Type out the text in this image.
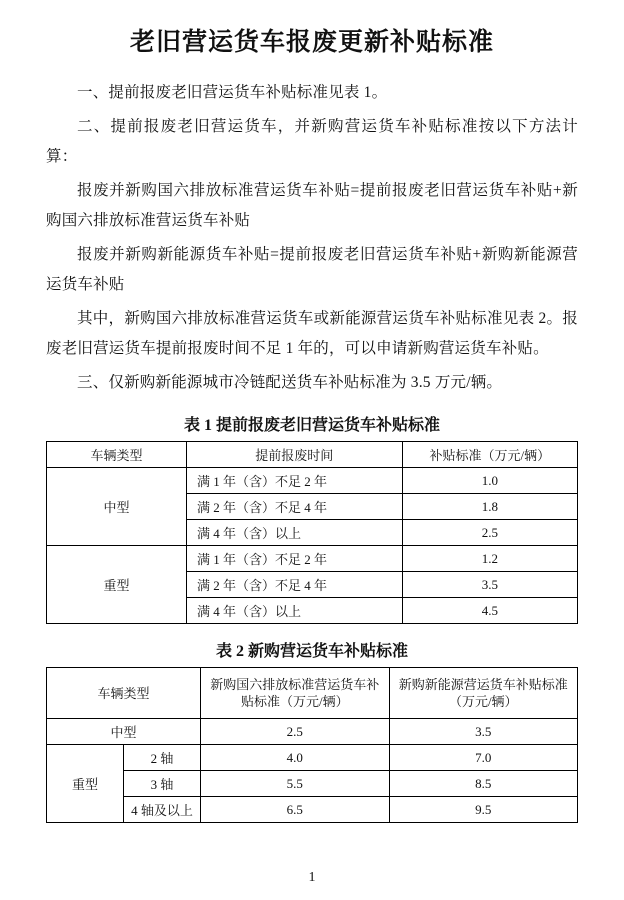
老旧营运货车报废更新补贴标准

一、提前报废老旧营运货车补贴标准见表 1。

二、提前报废老旧营运货车，并新购营运货车补贴标准按以下方法计算：

报废并新购国六排放标准营运货车补贴=提前报废老旧营运货车补贴+新购国六排放标准营运货车补贴

报废并新购新能源货车补贴=提前报废老旧营运货车补贴+新购新能源营运货车补贴

其中，新购国六排放标准营运货车或新能源营运货车补贴标准见表 2。报废老旧营运货车提前报废时间不足 1 年的，可以申请新购营运货车补贴。

三、仅新购新能源城市冷链配送货车补贴标准为 3.5 万元/辆。

表 1 提前报废老旧营运货车补贴标准
车辆类型	提前报废时间	补贴标准（万元/辆）
中型	满 1 年（含）不足 2 年	1.0
	满 2 年（含）不足 4 年	1.8
	满 4 年（含）以上	2.5
重型	满 1 年（含）不足 2 年	1.2
	满 2 年（含）不足 4 年	3.5
	满 4 年（含）以上	4.5
表 2 新购营运货车补贴标准
车辆类型		新购国六排放标准营运货车补贴标准（万元/辆）	新购新能源营运货车补贴标准（万元/辆）
中型		2.5	3.5
重型	2 轴	4.0	7.0
	3 轴	5.5	8.5
	4 轴及以上	6.5	9.5
1
